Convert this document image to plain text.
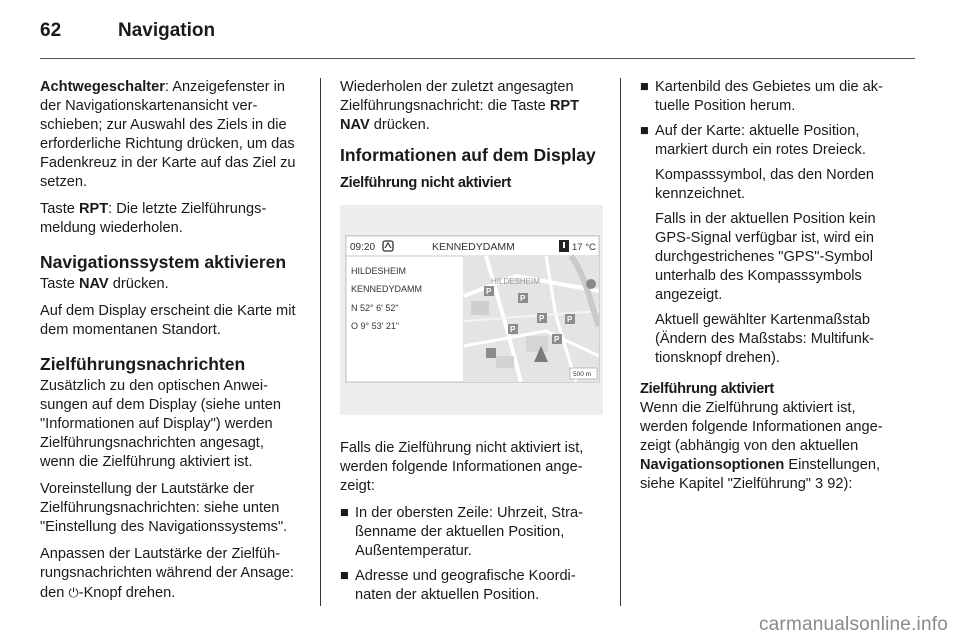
62	Navigation

Achtwegeschalter: Anzeigefenster in der Navigationskartenansicht verschieben; zur Auswahl des Ziels in die erforderliche Richtung drücken, um das Fadenkreuz in der Karte auf das Ziel zu setzen.

Taste RPT: Die letzte Zielführungsmeldung wiederholen.

Navigationssystem aktivieren

Taste NAV drücken.

Auf dem Display erscheint die Karte mit dem momentanen Standort.

Zielführungsnachrichten

Zusätzlich zu den optischen Anweisungen auf dem Display (siehe unten "Informationen auf Display") werden Zielführungsnachrichten angesagt, wenn die Zielführung aktiviert ist.

Voreinstellung der Lautstärke der Zielführungsnachrichten: siehe unten "Einstellung des Navigationssystems".

Anpassen der Lautstärke der Zielführungsnachrichten während der Ansage: den ⏻-Knopf drehen.

Wiederholen der zuletzt angesagten Zielführungsnachricht: die Taste RPT NAV drücken.

Informationen auf dem Display
Zielführung nicht aktiviert
09:20	KENNEDYDAMM	17 °C
HILDESHEIM
KENNEDYDAMM
N 52° 6' 52"
O 9° 53' 21"
HILDESHEIM
P
P
P	P
P
P
500 m

Falls die Zielführung nicht aktiviert ist, werden folgende Informationen angezeigt:

■ In der obersten Zeile: Uhrzeit, Straßenname der aktuellen Position, Außentemperatur.
■ Adresse und geografische Koordinaten der aktuellen Position.
■ Kartenbild des Gebietes um die aktuelle Position herum.
■ Auf der Karte: aktuelle Position, markiert durch ein rotes Dreieck.

Kompasssymbol, das den Norden kennzeichnet.

Falls in der aktuellen Position kein GPS-Signal verfügbar ist, wird ein durchgestrichenes "GPS"-Symbol unterhalb des Kompasssymbols angezeigt.

Aktuell gewählter Kartenmaßstab (Ändern des Maßstabs: Multifunktionsknopf drehen).

Zielführung aktiviert

Wenn die Zielführung aktiviert ist, werden folgende Informationen angezeigt (abhängig von den aktuellen Navigationsoptionen Einstellungen, siehe Kapitel "Zielführung" 3 92):

carmanualsonline.info
